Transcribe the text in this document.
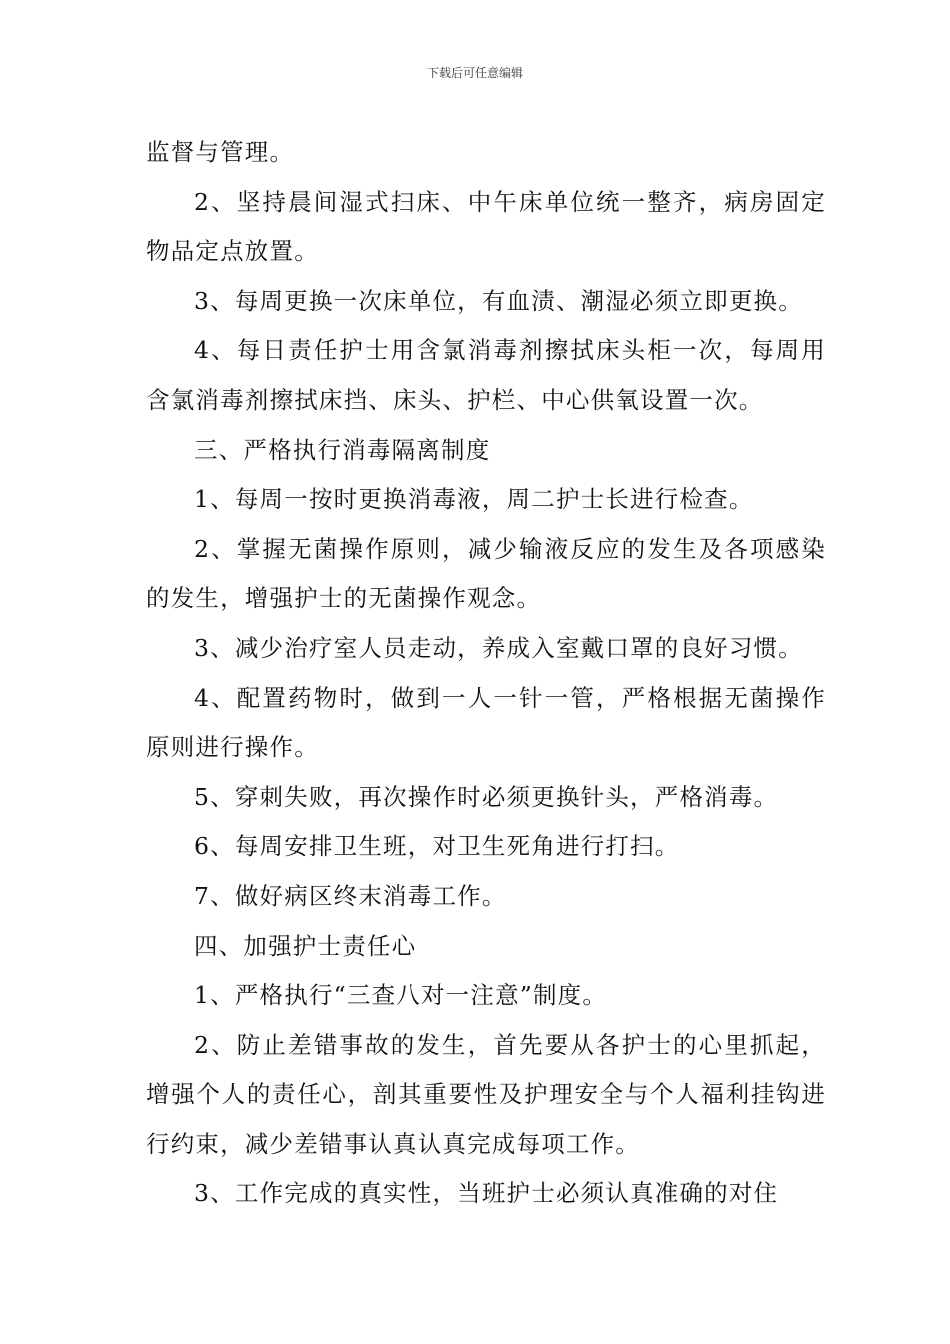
下载后可任意编辑

监督与管理。

2、坚持晨间湿式扫床、中午床单位统一整齐，病房固定物品定点放置。

3、每周更换一次床单位，有血渍、潮湿必须立即更换。

4、每日责任护士用含氯消毒剂擦拭床头柜一次，每周用含氯消毒剂擦拭床挡、床头、护栏、中心供氧设置一次。

三、严格执行消毒隔离制度

1、每周一按时更换消毒液，周二护士长进行检查。

2、掌握无菌操作原则，减少输液反应的发生及各项感染的发生，增强护士的无菌操作观念。

3、减少治疗室人员走动，养成入室戴口罩的良好习惯。

4、配置药物时，做到一人一针一管，严格根据无菌操作原则进行操作。

5、穿刺失败，再次操作时必须更换针头，严格消毒。

6、每周安排卫生班，对卫生死角进行打扫。

7、做好病区终末消毒工作。

四、加强护士责任心

1、严格执行“三查八对一注意”制度。

2、防止差错事故的发生，首先要从各护士的心里抓起，增强个人的责任心，剖其重要性及护理安全与个人福利挂钩进行约束，减少差错事认真认真完成每项工作。

3、工作完成的真实性，当班护士必须认真准确的对住
